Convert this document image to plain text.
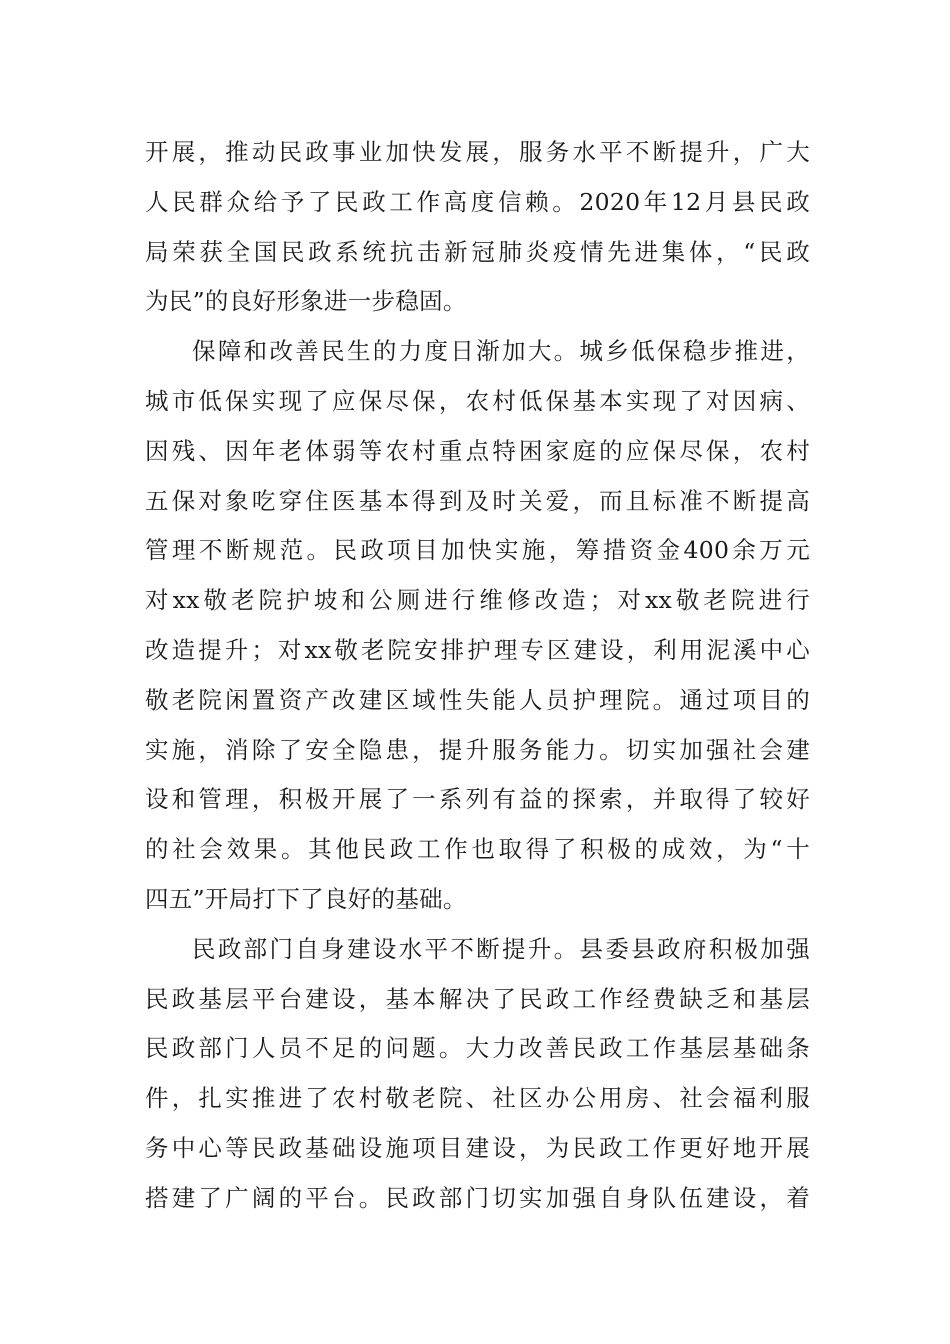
开展，推动民政事业加快发展，服务水平不断提升，广大
人民群众给予了民政工作高度信赖。2020年12月县民政
局荣获全国民政系统抗击新冠肺炎疫情先进集体，“民政
为民”的良好形象进一步稳固。
保障和改善民生的力度日渐加大。城乡低保稳步推进，
城市低保实现了应保尽保，农村低保基本实现了对因病、
因残、因年老体弱等农村重点特困家庭的应保尽保，农村
五保对象吃穿住医基本得到及时关爱，而且标准不断提高
管理不断规范。民政项目加快实施，筹措资金400余万元
对xx敬老院护坡和公厕进行维修改造；对xx敬老院进行
改造提升；对xx敬老院安排护理专区建设，利用泥溪中心
敬老院闲置资产改建区域性失能人员护理院。通过项目的
实施，消除了安全隐患，提升服务能力。切实加强社会建
设和管理，积极开展了一系列有益的探索，并取得了较好
的社会效果。其他民政工作也取得了积极的成效，为“十
四五”开局打下了良好的基础。
民政部门自身建设水平不断提升。县委县政府积极加强
民政基层平台建设，基本解决了民政工作经费缺乏和基层
民政部门人员不足的问题。大力改善民政工作基层基础条
件，扎实推进了农村敬老院、社区办公用房、社会福利服
务中心等民政基础设施项目建设，为民政工作更好地开展
搭建了广阔的平台。民政部门切实加强自身队伍建设，着
